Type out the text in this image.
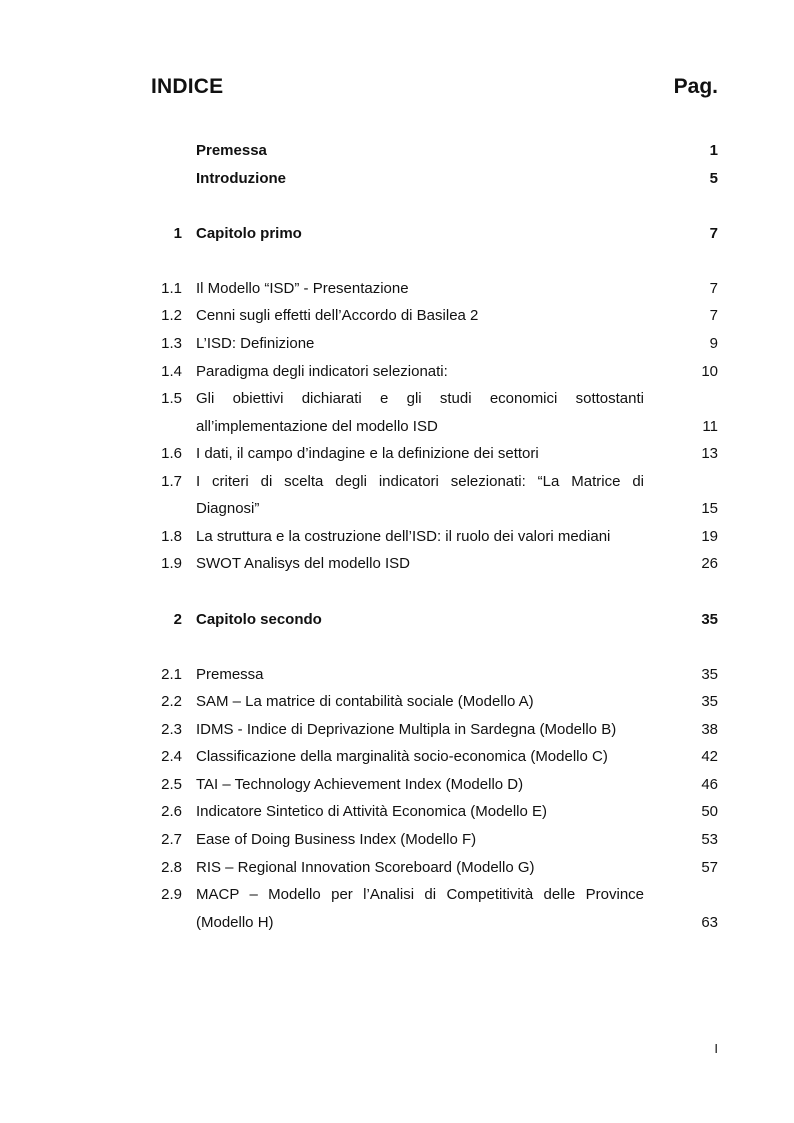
INDICE	Pag.
Premessa	1
Introduzione	5
1 Capitolo primo	7
1.1 Il Modello “ISD” - Presentazione	7
1.2 Cenni sugli effetti dell’Accordo di Basilea 2	7
1.3 L’ISD: Definizione	9
1.4 Paradigma degli indicatori selezionati:	10
1.5 Gli obiettivi dichiarati e gli studi economici sottostanti
all’implementazione del modello ISD	11
1.6 I dati, il campo d’indagine e la definizione dei settori	13
1.7 I criteri di scelta degli indicatori selezionati: “La Matrice di
Diagnosi”	15
1.8 La struttura e la costruzione dell’ISD: il ruolo dei valori mediani	19
1.9 SWOT Analisys del modello ISD	26
2 Capitolo secondo	35
2.1 Premessa	35
2.2 SAM – La matrice di contabilità sociale (Modello A)	35
2.3 IDMS - Indice di Deprivazione Multipla in Sardegna (Modello B)	38
2.4 Classificazione della marginalità socio-economica (Modello C)	42
2.5 TAI – Technology Achievement Index (Modello D)	46
2.6 Indicatore Sintetico di Attività Economica (Modello E)	50
2.7 Ease of Doing Business Index (Modello F)	53
2.8 RIS – Regional Innovation Scoreboard (Modello G)	57
2.9 MACP – Modello per l’Analisi di Competitività delle Province
(Modello H)	63
I
